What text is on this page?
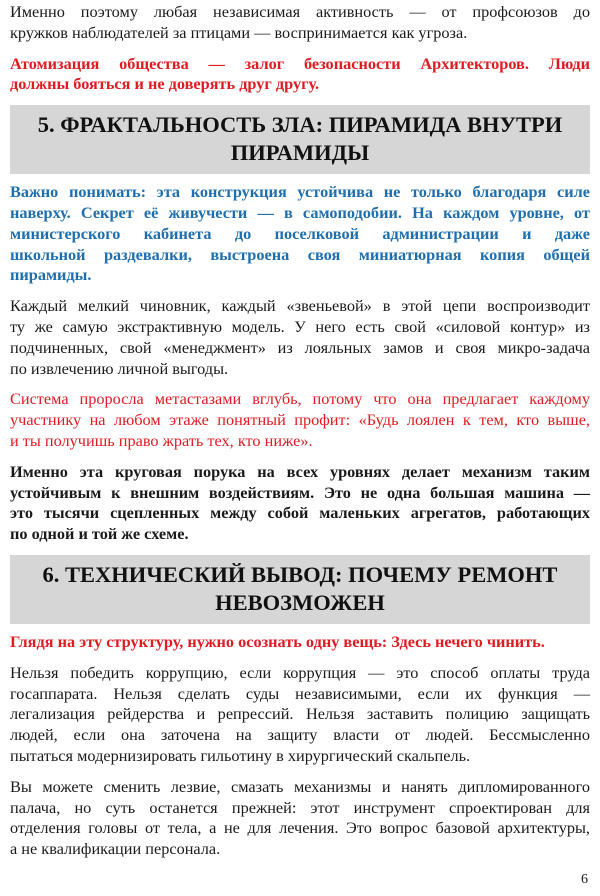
Именно поэтому любая независимая активность — от профсоюзов до
кружков наблюдателей за птицами — воспринимается как угроза.
Атомизация общества — залог безопасности Архитекторов. Люди
должны бояться и не доверять друг другу.
5. ФРАКТАЛЬНОСТЬ ЗЛА: ПИРАМИДА ВНУТРИ
ПИРАМИДЫ
Важно понимать: эта конструкция устойчива не только благодаря силе
наверху. Секрет её живучести — в самоподобии. На каждом уровне, от
министерского кабинета до поселковой администрации и даже
школьной раздевалки, выстроена своя миниатюрная копия общей
пирамиды.
Каждый мелкий чиновник, каждый «звеньевой» в этой цепи воспроизводит
ту же самую экстрактивную модель. У него есть свой «силовой контур» из
подчиненных, свой «менеджмент» из лояльных замов и своя микро-задача
по извлечению личной выгоды.
Система проросла метастазами вглубь, потому что она предлагает каждому
участнику на любом этаже понятный профит: «Будь лоялен к тем, кто выше,
и ты получишь право жрать тех, кто ниже».
Именно эта круговая порука на всех уровнях делает механизм таким
устойчивым к внешним воздействиям. Это не одна большая машина —
это тысячи сцепленных между собой маленьких агрегатов, работающих
по одной и той же схеме.
6. ТЕХНИЧЕСКИЙ ВЫВОД: ПОЧЕМУ РЕМОНТ
НЕВОЗМОЖЕН
Глядя на эту структуру, нужно осознать одну вещь: Здесь нечего чинить.
Нельзя победить коррупцию, если коррупция — это способ оплаты труда
госаппарата. Нельзя сделать суды независимыми, если их функция —
легализация рейдерства и репрессий. Нельзя заставить полицию защищать
людей, если она заточена на защиту власти от людей. Бессмысленно
пытаться модернизировать гильотину в хирургический скальпель.
Вы можете сменить лезвие, смазать механизмы и нанять дипломированного
палача, но суть останется прежней: этот инструмент спроектирован для
отделения головы от тела, а не для лечения. Это вопрос базовой архитектуры,
а не квалификации персонала.
6
